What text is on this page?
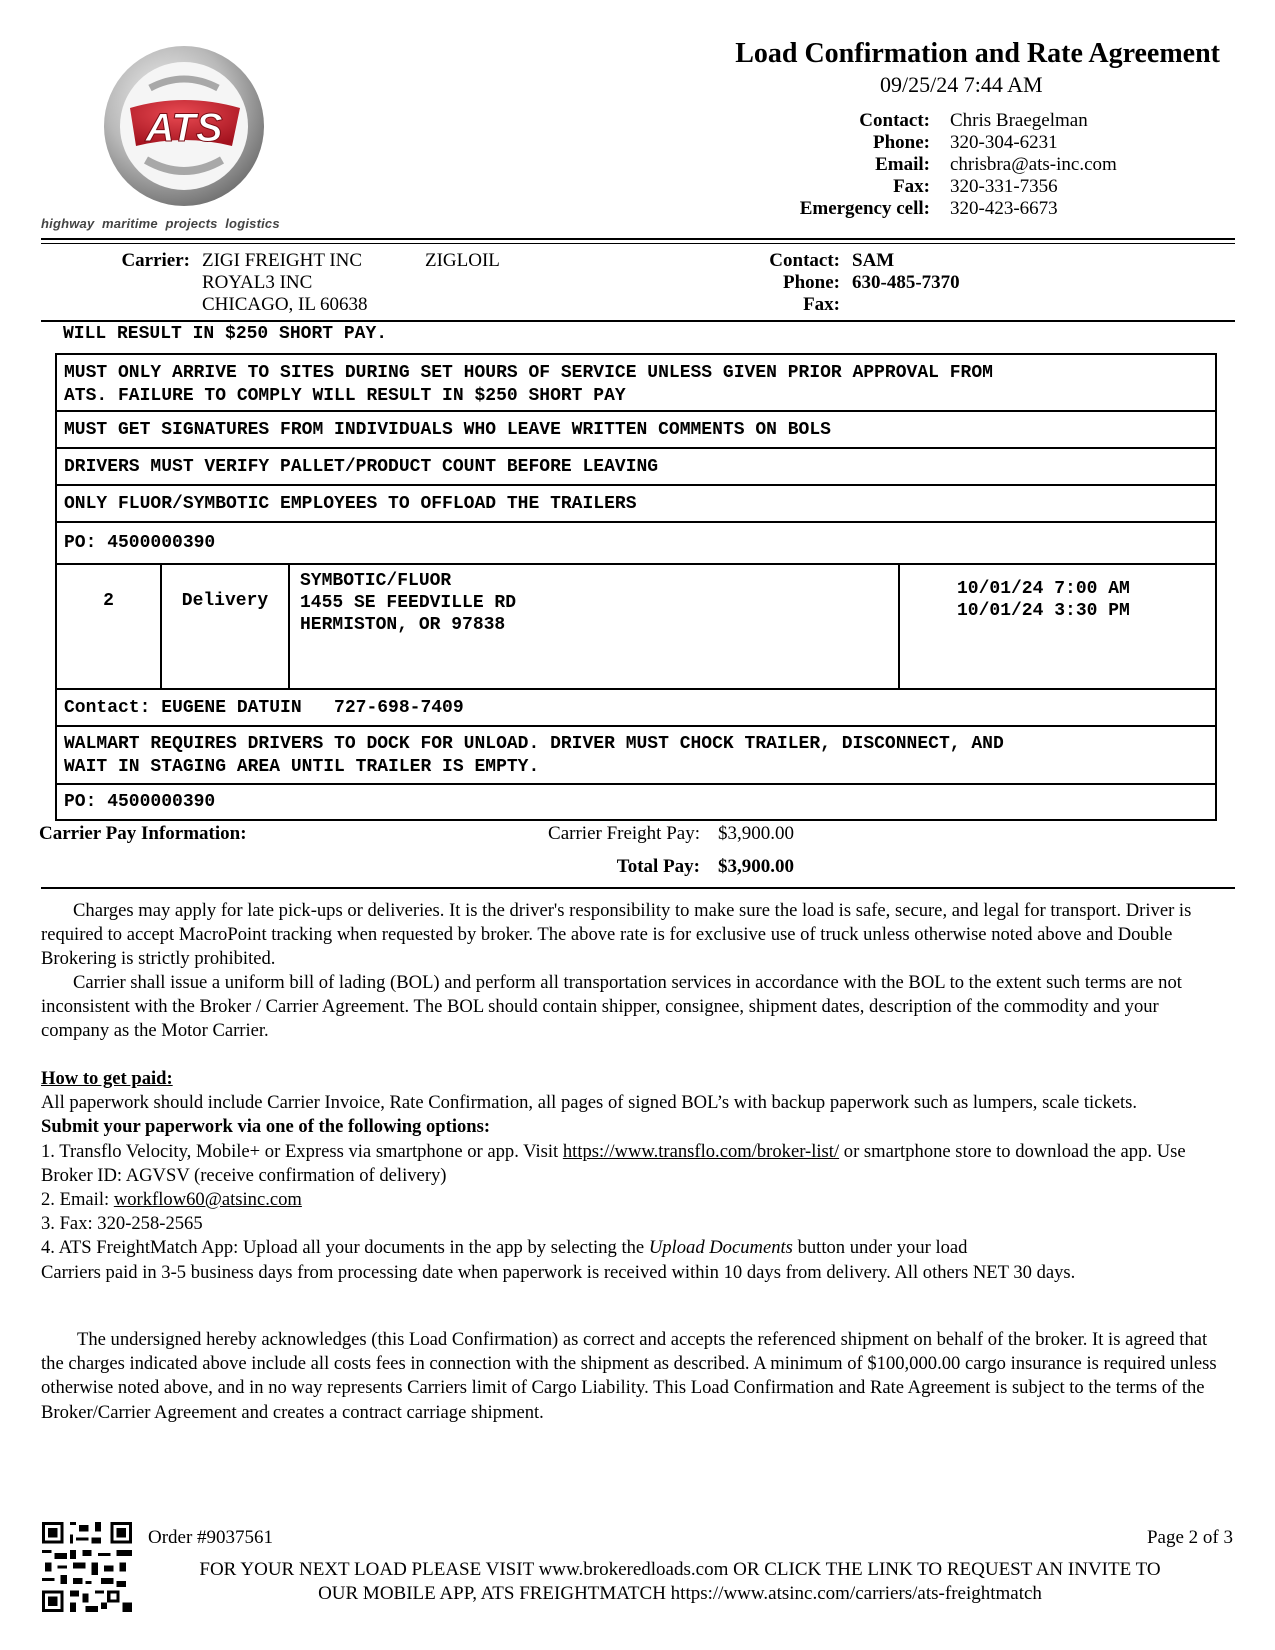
ATS
highway  maritime  projects  logistics
Load Confirmation and Rate Agreement
09/25/24 7:44 AM
Contact: Chris Braegelman
Phone: 320-304-6231
Email: chrisbra@ats-inc.com
Fax: 320-331-7356
Emergency cell: 320-423-6673
Carrier: ZIGI FREIGHT INC	ZIGLOIL
ROYAL3 INC
CHICAGO, IL 60638
Contact: SAM
Phone: 630-485-7370
Fax:
WILL RESULT IN $250 SHORT PAY.
MUST ONLY ARRIVE TO SITES DURING SET HOURS OF SERVICE UNLESS GIVEN PRIOR APPROVAL FROM
ATS. FAILURE TO COMPLY WILL RESULT IN $250 SHORT PAY
MUST GET SIGNATURES FROM INDIVIDUALS WHO LEAVE WRITTEN COMMENTS ON BOLS
DRIVERS MUST VERIFY PALLET/PRODUCT COUNT BEFORE LEAVING
ONLY FLUOR/SYMBOTIC EMPLOYEES TO OFFLOAD THE TRAILERS
PO: 4500000390
2	Delivery
SYMBOTIC/FLUOR
1455 SE FEEDVILLE RD
HERMISTON, OR 97838
10/01/24 7:00 AM
10/01/24 3:30 PM
Contact: EUGENE DATUIN   727-698-7409
WALMART REQUIRES DRIVERS TO DOCK FOR UNLOAD. DRIVER MUST CHOCK TRAILER, DISCONNECT, AND
WAIT IN STAGING AREA UNTIL TRAILER IS EMPTY.
PO: 4500000390
Carrier Pay Information:	Carrier Freight Pay: $3,900.00
Total Pay: $3,900.00
Charges may apply for late pick-ups or deliveries. It is the driver's responsibility to make sure the load is safe, secure, and legal for transport. Driver is required to accept MacroPoint tracking when requested by broker. The above rate is for exclusive use of truck unless otherwise noted above and Double Brokering is strictly prohibited.
Carrier shall issue a uniform bill of lading (BOL) and perform all transportation services in accordance with the BOL to the extent such terms are not inconsistent with the Broker / Carrier Agreement. The BOL should contain shipper, consignee, shipment dates, description of the commodity and your company as the Motor Carrier.
How to get paid:
All paperwork should include Carrier Invoice, Rate Confirmation, all pages of signed BOL’s with backup paperwork such as lumpers, scale tickets.
Submit your paperwork via one of the following options:
1. Transflo Velocity, Mobile+ or Express via smartphone or app. Visit https://www.transflo.com/broker-list/ or smartphone store to download the app. Use Broker ID: AGVSV (receive confirmation of delivery)
2. Email: workflow60@atsinc.com
3. Fax: 320-258-2565
4. ATS FreightMatch App: Upload all your documents in the app by selecting the Upload Documents button under your load
Carriers paid in 3-5 business days from processing date when paperwork is received within 10 days from delivery. All others NET 30 days.
The undersigned hereby acknowledges (this Load Confirmation) as correct and accepts the referenced shipment on behalf of the broker. It is agreed that the charges indicated above include all costs fees in connection with the shipment as described. A minimum of $100,000.00 cargo insurance is required unless otherwise noted above, and in no way represents Carriers limit of Cargo Liability. This Load Confirmation and Rate Agreement is subject to the terms of the Broker/Carrier Agreement and creates a contract carriage shipment.
Order #9037561	Page 2 of 3
FOR YOUR NEXT LOAD PLEASE VISIT www.brokeredloads.com OR CLICK THE LINK TO REQUEST AN INVITE TO
OUR MOBILE APP, ATS FREIGHTMATCH https://www.atsinc.com/carriers/ats-freightmatch
